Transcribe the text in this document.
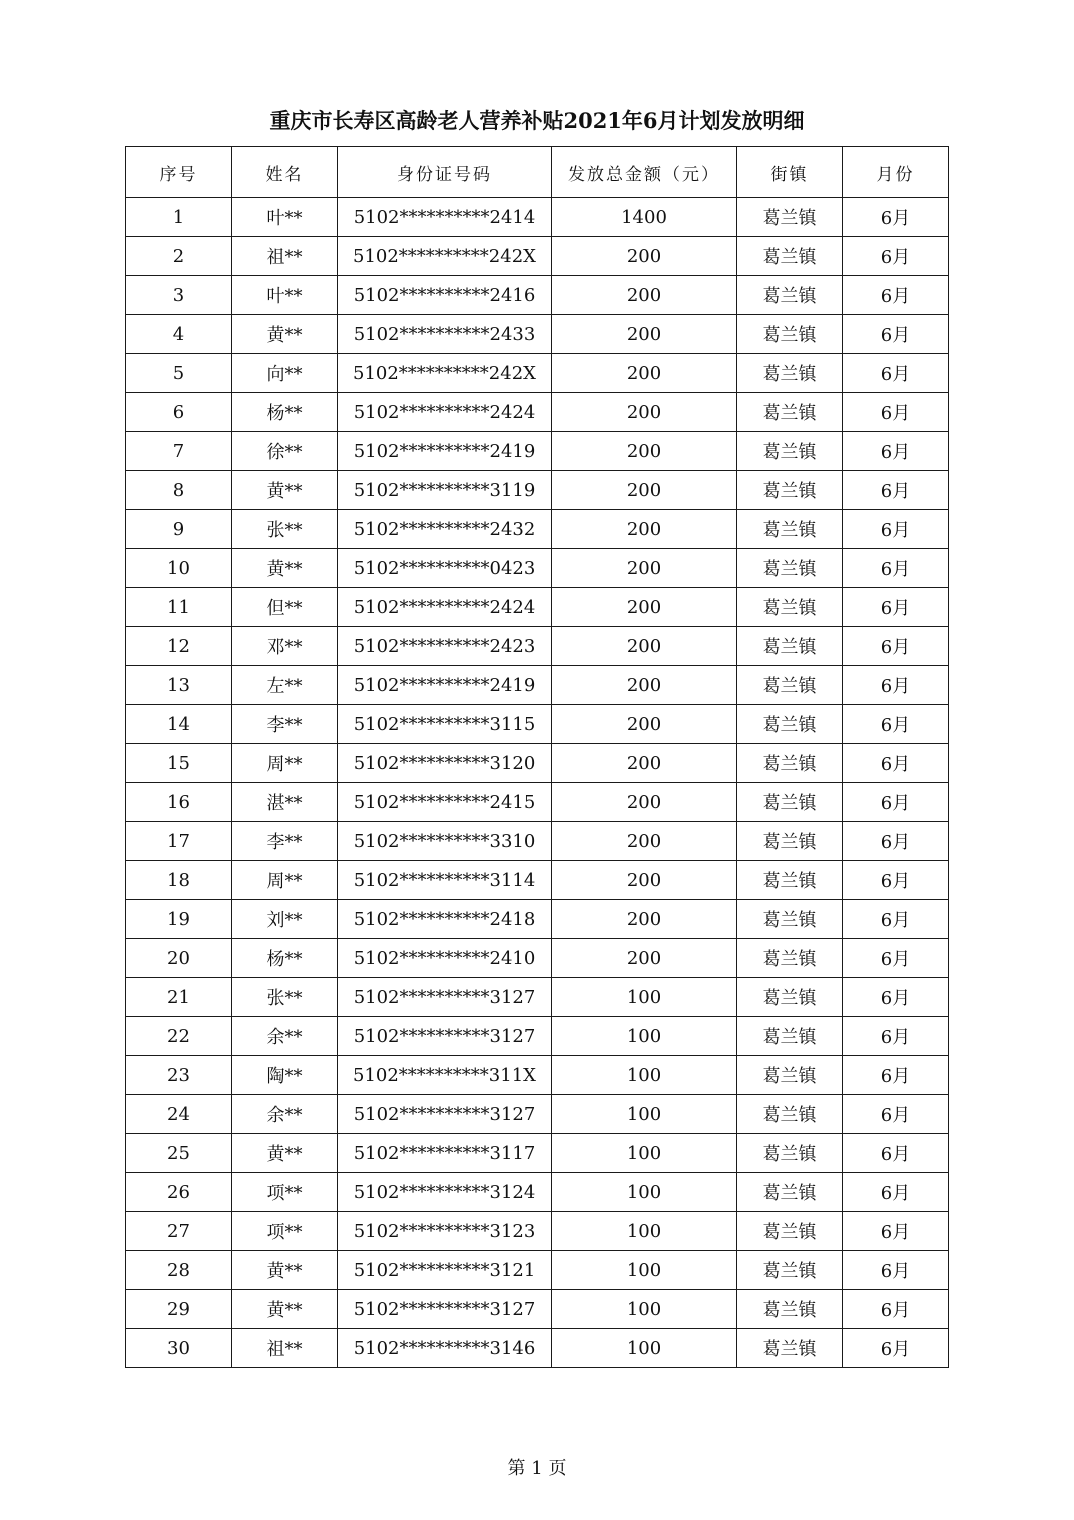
重庆市长寿区高龄老人营养补贴2021年6月计划发放明细
序号	姓名	身份证号码	发放总金额（元）	街镇	月份
1	叶**	5102**********2414	1400	葛兰镇	6月
2	祖**	5102**********242X	200	葛兰镇	6月
3	叶**	5102**********2416	200	葛兰镇	6月
4	黄**	5102**********2433	200	葛兰镇	6月
5	向**	5102**********242X	200	葛兰镇	6月
6	杨**	5102**********2424	200	葛兰镇	6月
7	徐**	5102**********2419	200	葛兰镇	6月
8	黄**	5102**********3119	200	葛兰镇	6月
9	张**	5102**********2432	200	葛兰镇	6月
10	黄**	5102**********0423	200	葛兰镇	6月
11	但**	5102**********2424	200	葛兰镇	6月
12	邓**	5102**********2423	200	葛兰镇	6月
13	左**	5102**********2419	200	葛兰镇	6月
14	李**	5102**********3115	200	葛兰镇	6月
15	周**	5102**********3120	200	葛兰镇	6月
16	湛**	5102**********2415	200	葛兰镇	6月
17	李**	5102**********3310	200	葛兰镇	6月
18	周**	5102**********3114	200	葛兰镇	6月
19	刘**	5102**********2418	200	葛兰镇	6月
20	杨**	5102**********2410	200	葛兰镇	6月
21	张**	5102**********3127	100	葛兰镇	6月
22	余**	5102**********3127	100	葛兰镇	6月
23	陶**	5102**********311X	100	葛兰镇	6月
24	余**	5102**********3127	100	葛兰镇	6月
25	黄**	5102**********3117	100	葛兰镇	6月
26	项**	5102**********3124	100	葛兰镇	6月
27	项**	5102**********3123	100	葛兰镇	6月
28	黄**	5102**********3121	100	葛兰镇	6月
29	黄**	5102**********3127	100	葛兰镇	6月
30	祖**	5102**********3146	100	葛兰镇	6月
第 1 页
